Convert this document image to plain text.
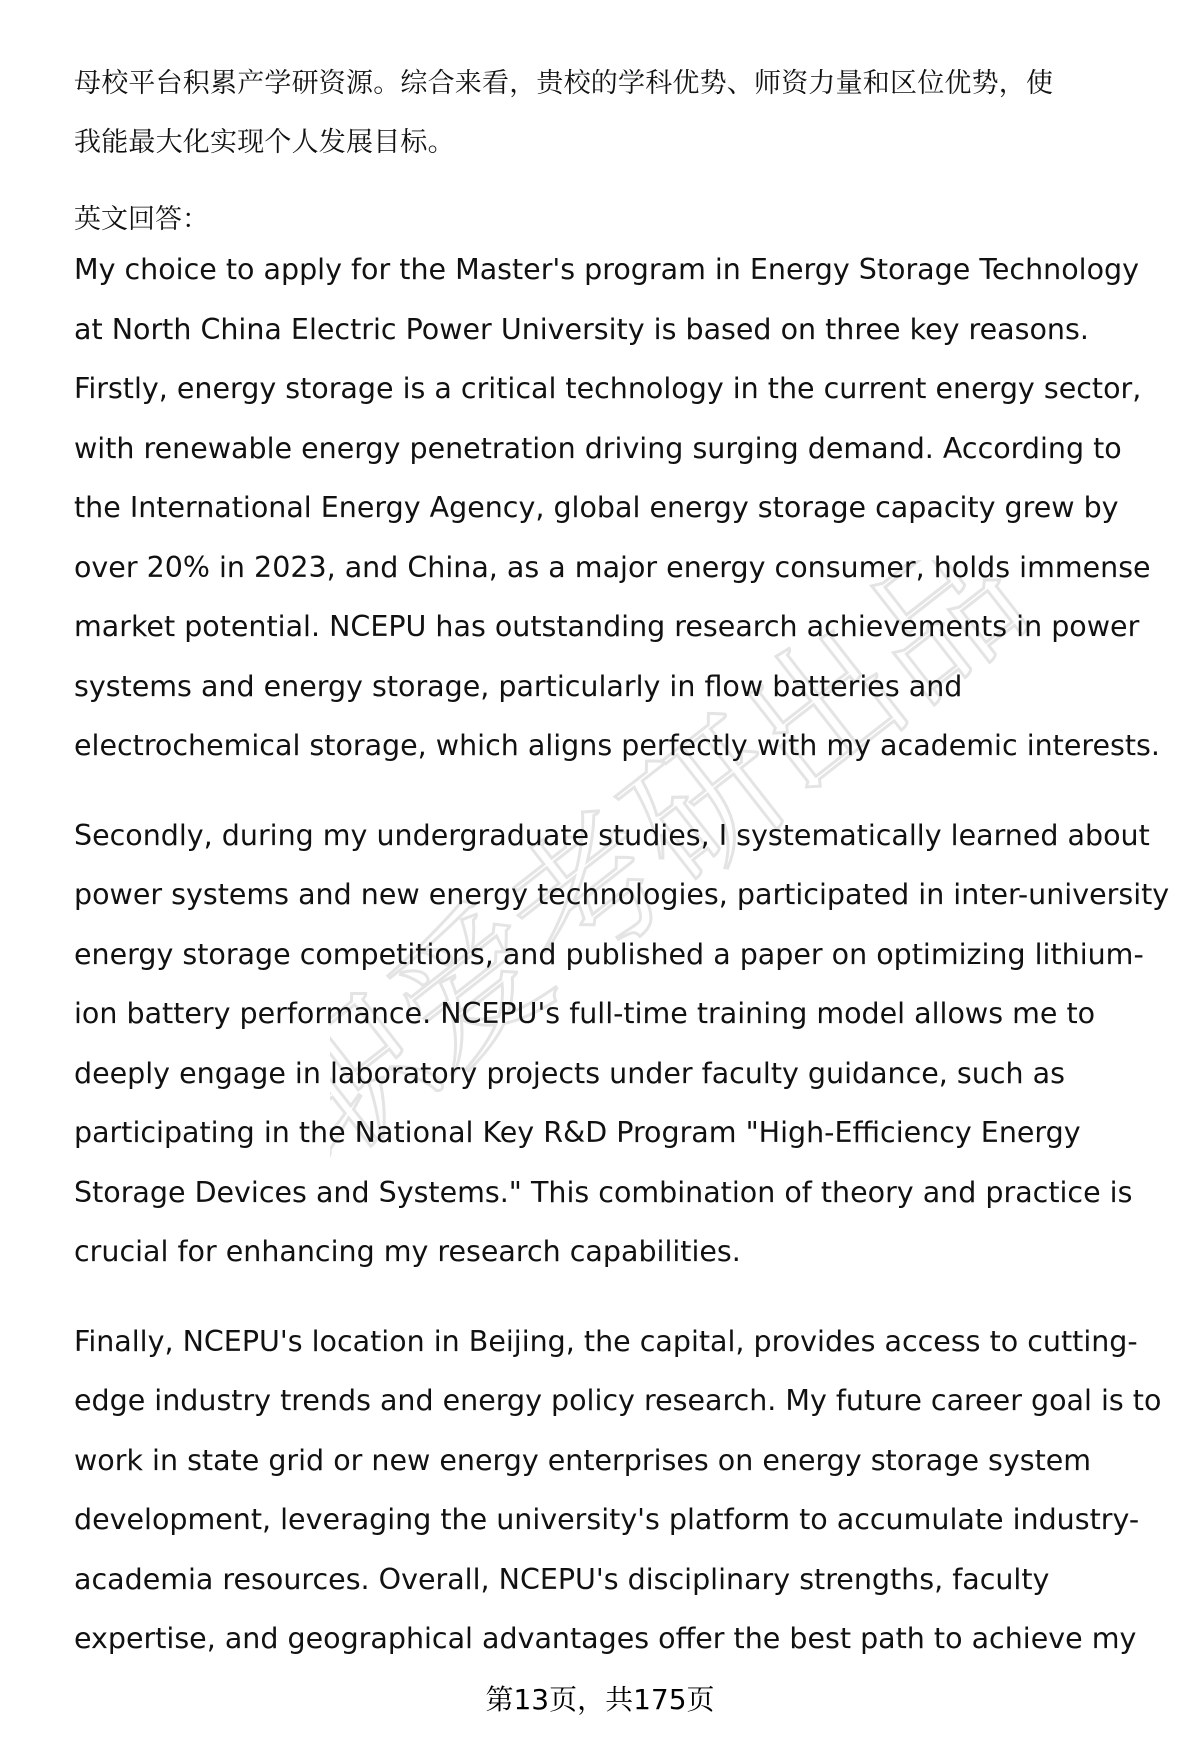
职爱考研出品

母校平台积累产学研资源。综合来看，贵校的学科优势、师资力量和区位优势，使

我能最大化实现个人发展目标。

英文回答：

My choice to apply for the Master's program in Energy Storage Technology
at North China Electric Power University is based on three key reasons.
Firstly, energy storage is a critical technology in the current energy sector,
with renewable energy penetration driving surging demand. According to
the International Energy Agency, global energy storage capacity grew by
over 20% in 2023, and China, as a major energy consumer, holds immense
market potential. NCEPU has outstanding research achievements in power
systems and energy storage, particularly in flow batteries and
electrochemical storage, which aligns perfectly with my academic interests.
Secondly, during my undergraduate studies, I systematically learned about
power systems and new energy technologies, participated in inter-university
energy storage competitions, and published a paper on optimizing lithium-
ion battery performance. NCEPU's full-time training model allows me to
deeply engage in laboratory projects under faculty guidance, such as
participating in the National Key R&D Program "High-Efficiency Energy
Storage Devices and Systems." This combination of theory and practice is
crucial for enhancing my research capabilities.
Finally, NCEPU's location in Beijing, the capital, provides access to cutting-
edge industry trends and energy policy research. My future career goal is to
work in state grid or new energy enterprises on energy storage system
development, leveraging the university's platform to accumulate industry-
academia resources. Overall, NCEPU's disciplinary strengths, faculty
expertise, and geographical advantages offer the best path to achieve my
第13页，共175页
